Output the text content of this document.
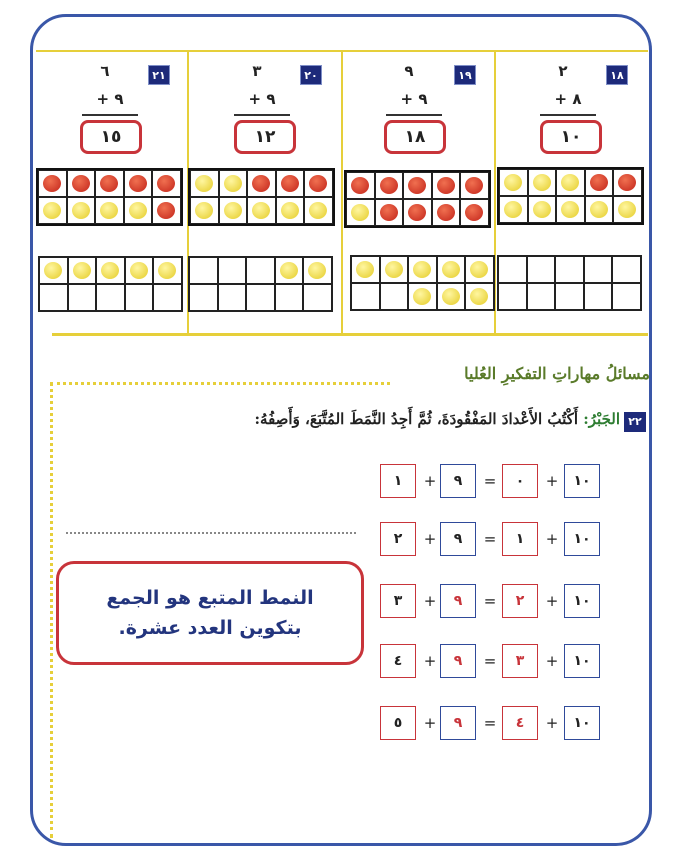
١٨
٢
+ ٨
١٠
١٩
٩
+ ٩
١٨
٢٠
٣
+ ٩
١٢
٢١
٦
+ ٩
١٥
مسائلُ مهاراتِ التفكيرِ العُليا
٢٢
الجَبْرُ: أَكْتُبُ الأَعْدادَ المَفْقُودَةَ، ثُمَّ أَجِدُ النَّمَطَ المُتَّبَعَ، وَأَصِفُهُ:
١	+	٩	=	٠	+	١٠
٢	+	٩	=	١	+	١٠
٣	+	٩	=	٢	+	١٠
٤	+	٩	=	٣	+	١٠
٥	+	٩	=	٤	+	١٠
النمط المتبع هو الجمع
بتكوين العدد عشرة.
